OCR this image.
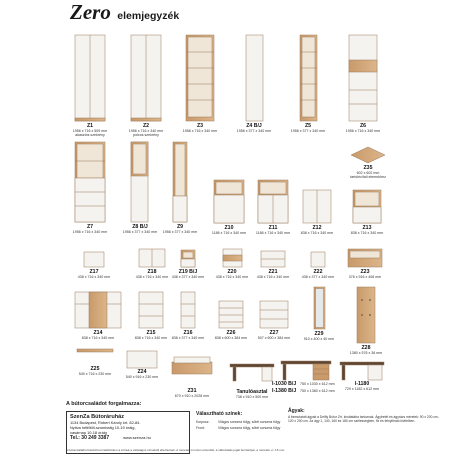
Zero elemjegyzék
Z1
1956 x 716 x 509 mm
akasztós szekrény
Z2
1956 x 716 x 340 mm
polcos szekrény
Z3
1956 x 716 x 340 mm
Z4 B/J
1956 x 377 x 340 mm
Z5
1956 x 377 x 340 mm
Z6
1956 x 716 x 340 mm
Z7
1956 x 716 x 340 mm
Z8 B/J
1956 x 377 x 340 mm
Z9
1956 x 377 x 340 mm
Z35
602 x 602 mm
tartóléc/fali elemekhez
Z10
1186 x 716 x 340 mm
Z11
1186 x 716 x 340 mm
Z12
838 x 716 x 340 mm
Z13
838 x 716 x 340 mm
Z17
438 x 716 x 340 mm
Z18
438 x 716 x 340 mm
Z19 B/J
438 x 377 x 340 mm
Z20
438 x 716 x 340 mm
Z21
438 x 716 x 340 mm
Z22
438 x 377 x 340 mm
Z23
376 x 916 x 408 mm
Z14
838 x 716 x 340 mm
Z15
838 x 716 x 340 mm
Z16
838 x 377 x 340 mm
Z26
838 x 600 x 384 mm
Z27
507 x 600 x 384 mm
Z29
910 x 400 x 40 mm
Z28
1380 x 576 x 36 mm
Z25
540 x 716 x 230 mm	Z24
540 x 916 x 230 mm
Z31
670 x 910 x 2028 mm
Tanulóasztal
738 x 910 x 500 mm
I-1030 B/J	750 x 1030 x 612 mm
I-1380 B/J	750 x 1380 x 612 mm
I-1180
729 x 1182 x 612 mm
A bútorcsaládot forgalmazza:
SzenZa Bútoráruház
1134 Budapest, Róbert Károly krt. 82-84.
Nyitva hétfőtől-szombatig 10-19 óráig,
vasárnap 10-18 óráig
Tel.: 30 249 3387	www.szenza.hu
Választható színek:
Korpusz:	Világos sonoma tölgy, sötét sonoma tölgy
Front:	Világos sonoma tölgy, sötét sonoma tölgy
Ágyak:
A bemutatott ágyak a Delfly Bútor Zrt. kínálatába tartoznak. Ágybetét és ágyrács méretek: 90 x 200 cm, 120 x 200 cm. Az ágy 1, 140, 160 és 180 cm szélességben, fix és felnyitható kivitelben.
A bútorcsaládról készült termékfotókon a színek a valóságos színektől eltérhetnek. A méretek mm-ben értendők, a változtatás jogát fenntartjuk, a méretek +/- 15 mm.
